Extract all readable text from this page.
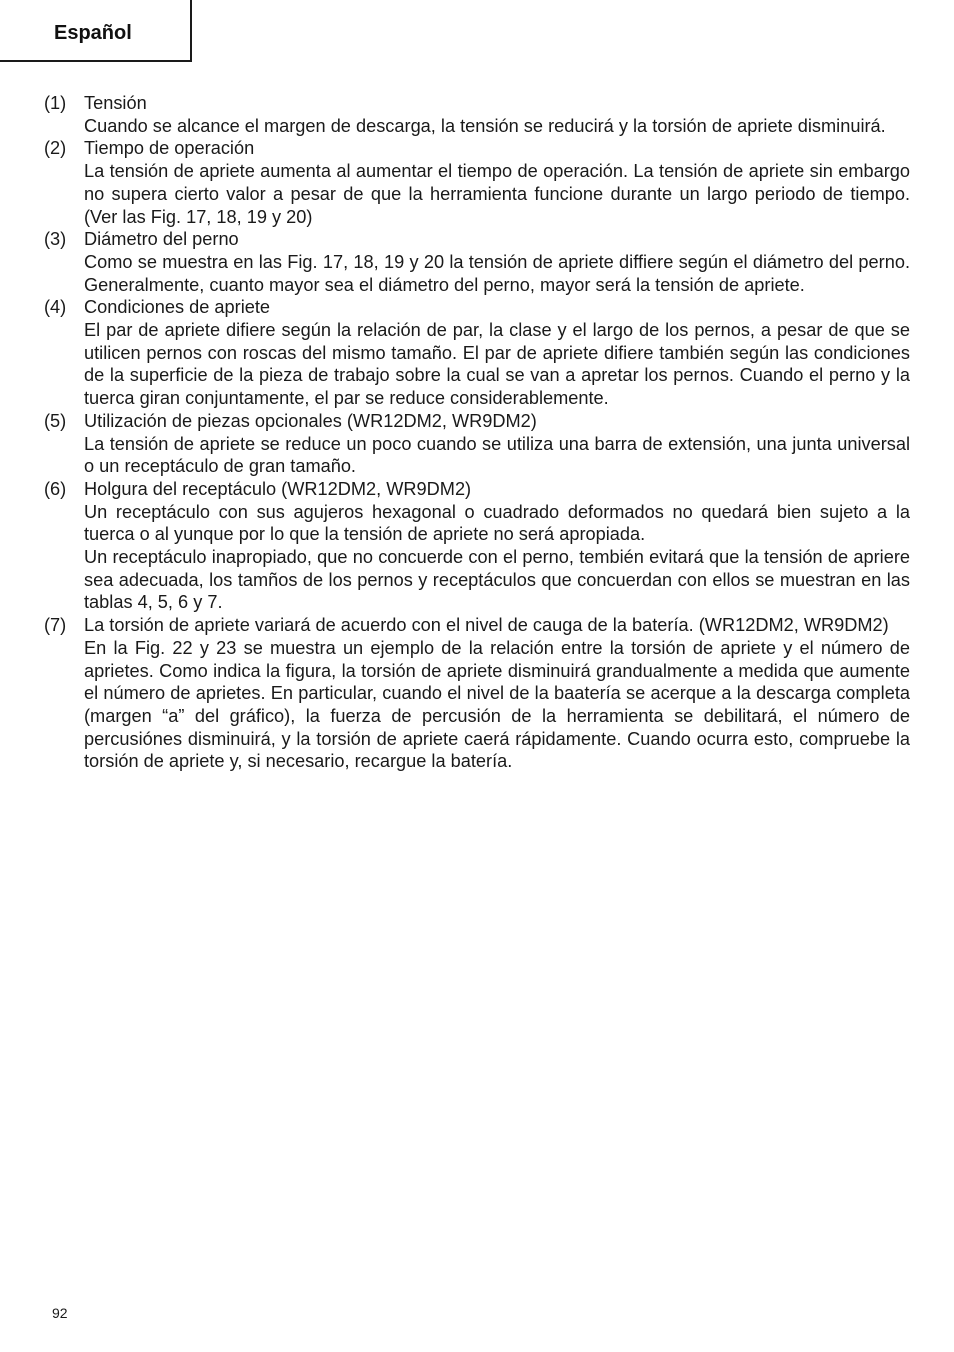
Español
(1) Tensión

Cuando se alcance el margen de descarga, la tensión se reducirá y la torsión de apriete disminuirá.

(2) Tiempo de operación

La tensión de apriete aumenta al aumentar el tiempo de operación. La tensión de apriete sin embargo no supera cierto valor a pesar de que la herramienta funcione durante un largo periodo de tiempo. (Ver las Fig. 17, 18, 19 y 20)

(3) Diámetro del perno

Como se muestra en las Fig. 17, 18, 19 y 20 la tensión de apriete diffiere según el diámetro del perno. Generalmente, cuanto mayor sea el diámetro del perno, mayor será la tensión de apriete.

(4) Condiciones de apriete

El par de apriete difiere según la relación de par, la clase y el largo de los pernos, a pesar de que se utilicen pernos con roscas del mismo tamaño. El par de apriete difiere también según las condiciones de la superficie de la pieza de trabajo sobre la cual se van a apretar los pernos. Cuando el perno y la tuerca giran conjuntamente, el par se reduce considerablemente.

(5) Utilización de piezas opcionales (WR12DM2, WR9DM2)

La tensión de apriete se reduce un poco cuando se utiliza una barra de extensión, una junta universal o un receptáculo de gran tamaño.

(6) Holgura del receptáculo (WR12DM2, WR9DM2)

Un receptáculo con sus agujeros hexagonal o cuadrado deformados no quedará bien sujeto a la tuerca o al yunque por lo que la tensión de apriete no será apropiada.

Un receptáculo inapropiado, que no concuerde con el perno, tembién evitará que la tensión de apriere sea adecuada, los tamños de los pernos y receptáculos que concuerdan con ellos se muestran en las tablas 4, 5, 6 y 7.

(7) La torsión de apriete variará de acuerdo con el nivel de cauga de la batería. (WR12DM2, WR9DM2)

En la Fig. 22 y 23 se muestra un ejemplo de la relación entre la torsión de apriete y el número de aprietes. Como indica la figura, la torsión de apriete disminuirá grandualmente a medida que aumente el número de aprietes. En particular, cuando el nivel de la baatería se acerque a la descarga completa (margen “a” del gráfico), la fuerza de percusión de la herramienta se debilitará, el número de percusiónes disminuirá, y la torsión de apriete caerá rápidamente. Cuando ocurra esto, compruebe la torsión de apriete y, si necesario, recargue la batería.

92
